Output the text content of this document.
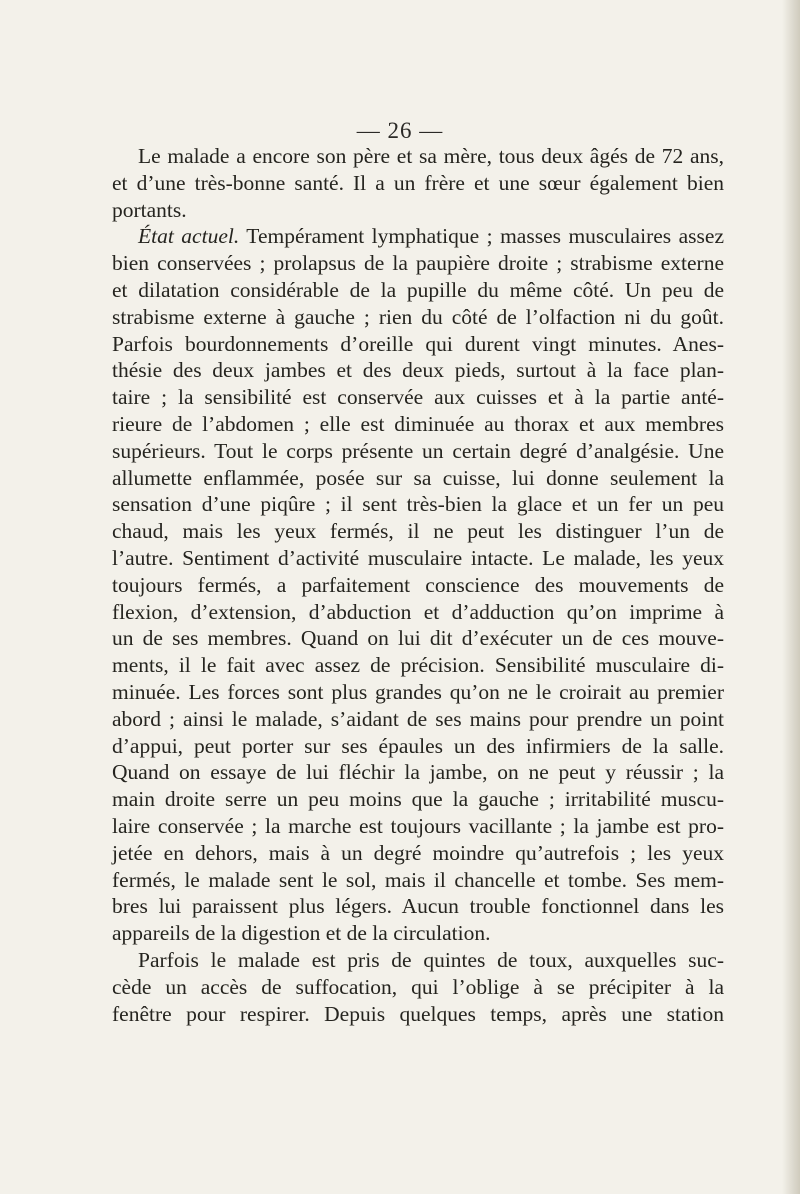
— 26 —
Le malade a encore son père et sa mère, tous deux âgés de 72 ans,
et d’une très-bonne santé. Il a un frère et une sœur également bien
portants.
État actuel. Tempérament lymphatique ; masses musculaires assez
bien conservées ; prolapsus de la paupière droite ; strabisme externe
et dilatation considérable de la pupille du même côté. Un peu de
strabisme externe à gauche ; rien du côté de l’olfaction ni du goût.
Parfois bourdonnements d’oreille qui durent vingt minutes. Anes-
thésie des deux jambes et des deux pieds, surtout à la face plan-
taire ; la sensibilité est conservée aux cuisses et à la partie anté-
rieure de l’abdomen ; elle est diminuée au thorax et aux membres
supérieurs. Tout le corps présente un certain degré d’analgésie. Une
allumette enflammée, posée sur sa cuisse, lui donne seulement la
sensation d’une piqûre ; il sent très-bien la glace et un fer un peu
chaud, mais les yeux fermés, il ne peut les distinguer l’un de
l’autre. Sentiment d’activité musculaire intacte. Le malade, les yeux
toujours fermés, a parfaitement conscience des mouvements de
flexion, d’extension, d’abduction et d’adduction qu’on imprime à
un de ses membres. Quand on lui dit d’exécuter un de ces mouve-
ments, il le fait avec assez de précision. Sensibilité musculaire di-
minuée. Les forces sont plus grandes qu’on ne le croirait au premier
abord ; ainsi le malade, s’aidant de ses mains pour prendre un point
d’appui, peut porter sur ses épaules un des infirmiers de la salle.
Quand on essaye de lui fléchir la jambe, on ne peut y réussir ; la
main droite serre un peu moins que la gauche ; irritabilité muscu-
laire conservée ; la marche est toujours vacillante ; la jambe est pro-
jetée en dehors, mais à un degré moindre qu’autrefois ; les yeux
fermés, le malade sent le sol, mais il chancelle et tombe. Ses mem-
bres lui paraissent plus légers. Aucun trouble fonctionnel dans les
appareils de la digestion et de la circulation.
Parfois le malade est pris de quintes de toux, auxquelles suc-
cède un accès de suffocation, qui l’oblige à se précipiter à la
fenêtre pour respirer. Depuis quelques temps, après une station
